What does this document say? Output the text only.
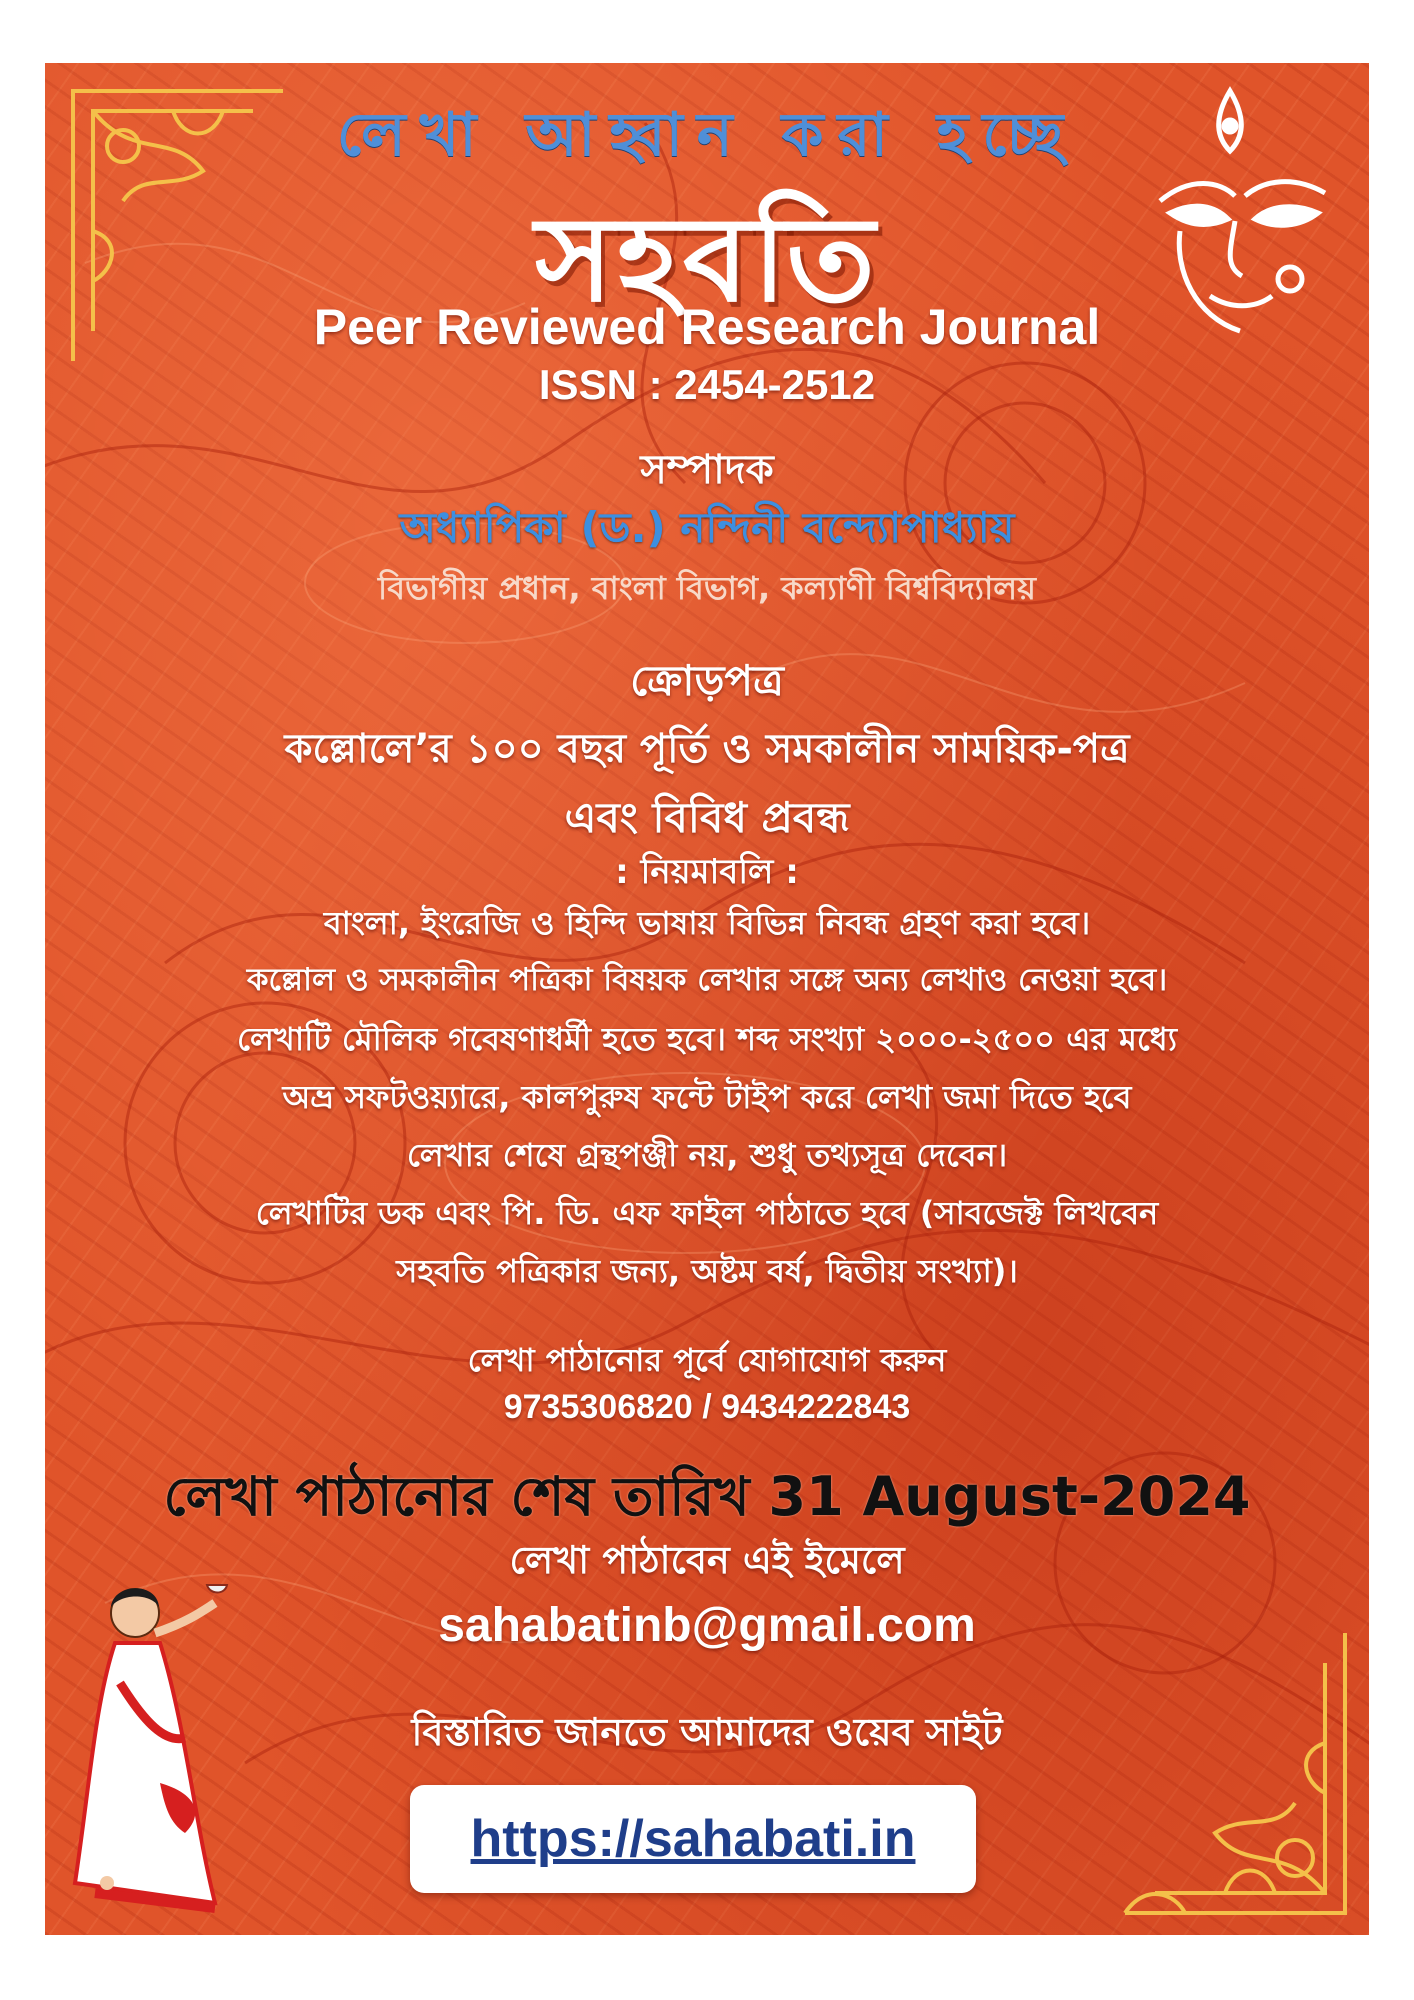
লেখা আহ্বান করা হচ্ছে

সহবতি

Peer Reviewed Research Journal

ISSN : 2454-2512

সম্পাদক

অধ্যাপিকা (ড.) নন্দিনী বন্দ্যোপাধ্যায়

বিভাগীয় প্রধান, বাংলা বিভাগ, কল্যাণী বিশ্ববিদ্যালয়

ক্রোড়পত্র

কল্লোলে’র ১০০ বছর পূর্তি ও সমকালীন সাময়িক-পত্র

এবং বিবিধ প্রবন্ধ

: নিয়মাবলি :

বাংলা, ইংরেজি ও হিন্দি ভাষায় বিভিন্ন নিবন্ধ গ্রহণ করা হবে।

কল্লোল ও সমকালীন পত্রিকা বিষয়ক লেখার সঙ্গে অন্য লেখাও নেওয়া হবে।

লেখাটি মৌলিক গবেষণাধর্মী হতে হবে। শব্দ সংখ্যা ২০০০-২৫০০ এর মধ্যে

অভ্র সফটওয়্যারে, কালপুরুষ ফন্টে টাইপ করে লেখা জমা দিতে হবে

লেখার শেষে গ্রন্থপঞ্জী নয়, শুধু তথ্যসূত্র দেবেন।

লেখাটির ডক এবং পি. ডি. এফ ফাইল পাঠাতে হবে (সাবজেক্ট লিখবেন

সহবতি পত্রিকার জন্য, অষ্টম বর্ষ, দ্বিতীয় সংখ্যা)।

লেখা পাঠানোর পূর্বে যোগাযোগ করুন

9735306820 / 9434222843

লেখা পাঠানোর শেষ তারিখ 31 August-2024

লেখা পাঠাবেন এই ইমেলে

sahabatinb@gmail.com

বিস্তারিত জানতে আমাদের ওয়েব সাইট

https://sahabati.in
